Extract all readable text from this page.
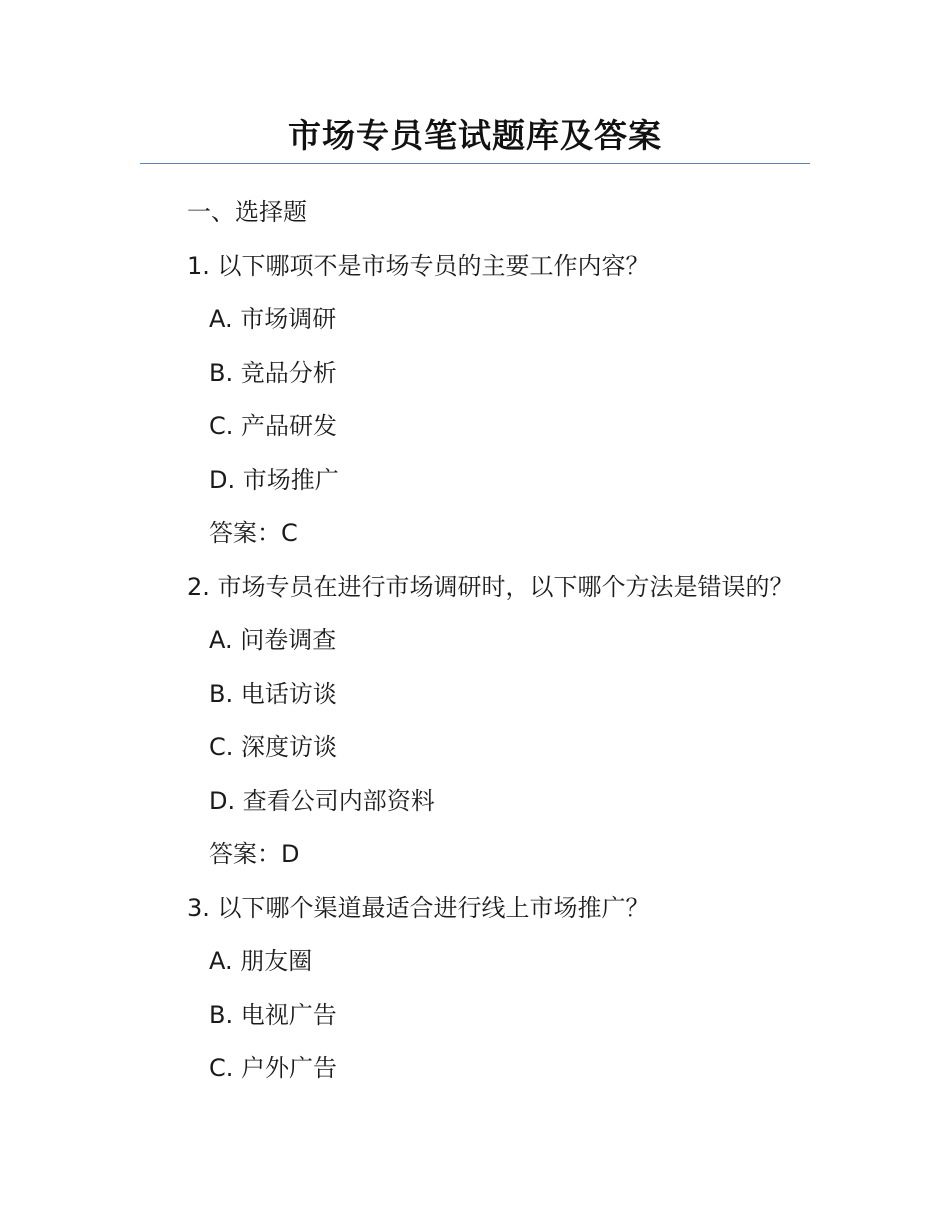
市场专员笔试题库及答案
一、选择题
1. 以下哪项不是市场专员的主要工作内容？
A. 市场调研
B. 竞品分析
C. 产品研发
D. 市场推广
答案：C
2. 市场专员在进行市场调研时，以下哪个方法是错误的？
A. 问卷调查
B. 电话访谈
C. 深度访谈
D. 查看公司内部资料
答案：D
3. 以下哪个渠道最适合进行线上市场推广？
A. 朋友圈
B. 电视广告
C. 户外广告
